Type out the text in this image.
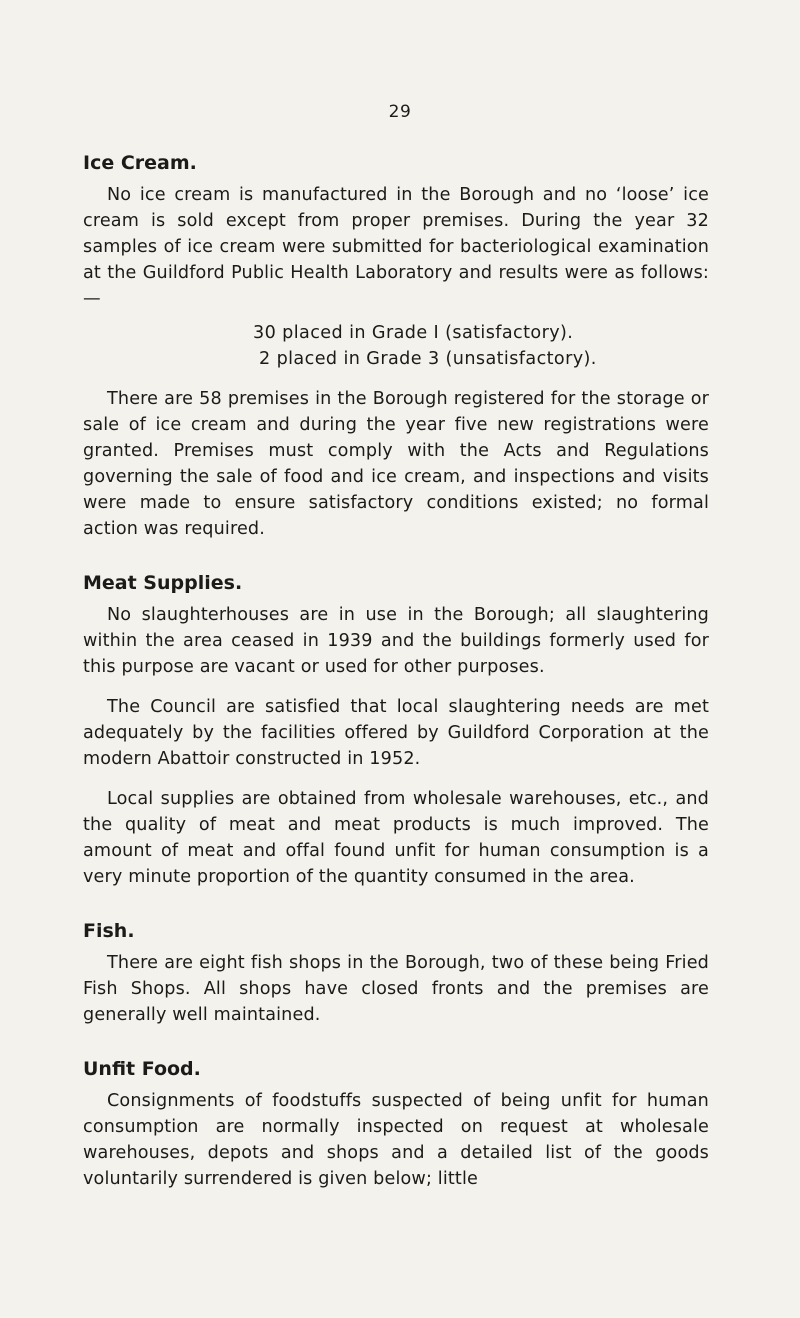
29
Ice Cream.

No ice cream is manufactured in the Borough and no ‘loose’ ice cream is sold except from proper premises. During the year 32 samples of ice cream were submitted for bacteriological examination at the Guildford Public Health Laboratory and results were as follows:—

30 placed in Grade I (satisfactory).
2 placed in Grade 3 (unsatisfactory).

There are 58 premises in the Borough registered for the storage or sale of ice cream and during the year five new registrations were granted. Premises must comply with the Acts and Regulations governing the sale of food and ice cream, and inspections and visits were made to ensure satisfactory conditions existed; no formal action was required.

Meat Supplies.

No slaughterhouses are in use in the Borough; all slaughtering within the area ceased in 1939 and the buildings formerly used for this purpose are vacant or used for other purposes.

The Council are satisfied that local slaughtering needs are met adequately by the facilities offered by Guildford Corporation at the modern Abattoir constructed in 1952.

Local supplies are obtained from wholesale warehouses, etc., and the quality of meat and meat products is much improved. The amount of meat and offal found unfit for human consumption is a very minute proportion of the quantity consumed in the area.

Fish.

There are eight fish shops in the Borough, two of these being Fried Fish Shops. All shops have closed fronts and the premises are generally well maintained.

Unfit Food.

Consignments of foodstuffs suspected of being unfit for human consumption are normally inspected on request at wholesale warehouses, depots and shops and a detailed list of the goods voluntarily surrendered is given below; little
